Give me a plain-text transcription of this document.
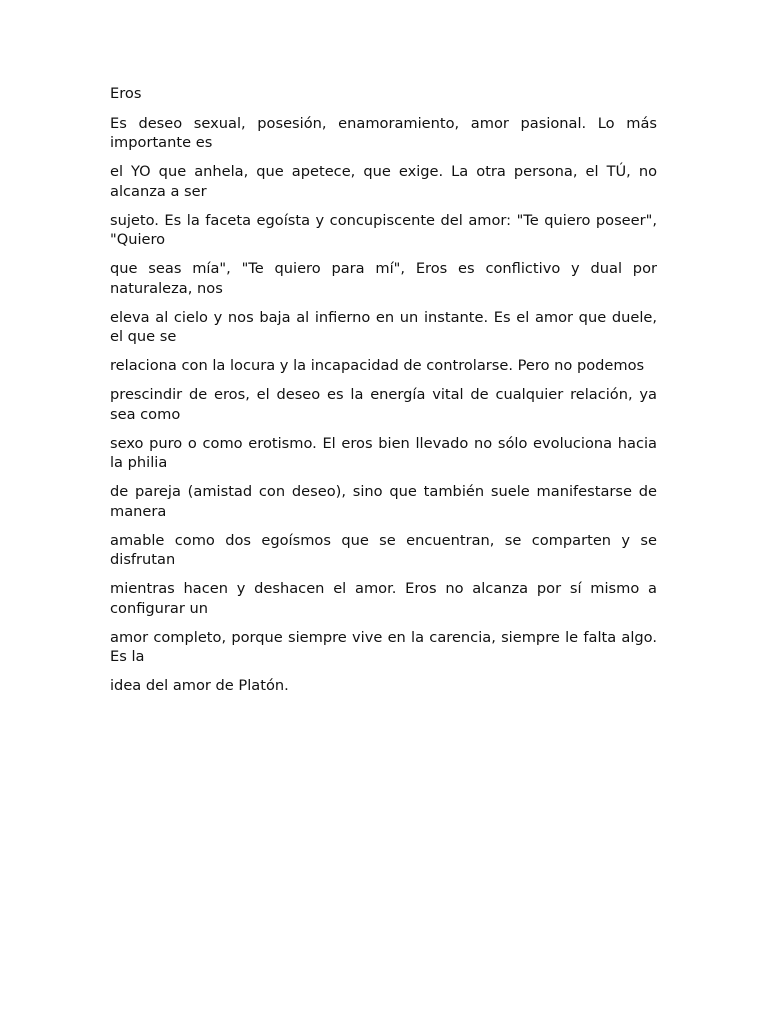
Eros

Es deseo sexual, posesión, enamoramiento, amor pasional. Lo más importante es

el YO que anhela, que apetece, que exige. La otra persona, el TÚ, no alcanza a ser

sujeto. Es la faceta egoísta y concupiscente del amor: "Te quiero poseer", "Quiero

que seas mía", "Te quiero para mí", Eros es conflictivo y dual por naturaleza, nos

eleva al cielo y nos baja al infierno en un instante. Es el amor que duele, el que se

relaciona con la locura y la incapacidad de controlarse. Pero no podemos

prescindir de eros, el deseo es la energía vital de cualquier relación, ya sea como

sexo puro o como erotismo. El eros bien llevado no sólo evoluciona hacia la philia

de pareja (amistad con deseo), sino que también suele manifestarse de manera

amable como dos egoísmos que se encuentran, se comparten y se disfrutan

mientras hacen y deshacen el amor. Eros no alcanza por sí mismo a configurar un

amor completo, porque siempre vive en la carencia, siempre le falta algo. Es la

idea del amor de Platón.
